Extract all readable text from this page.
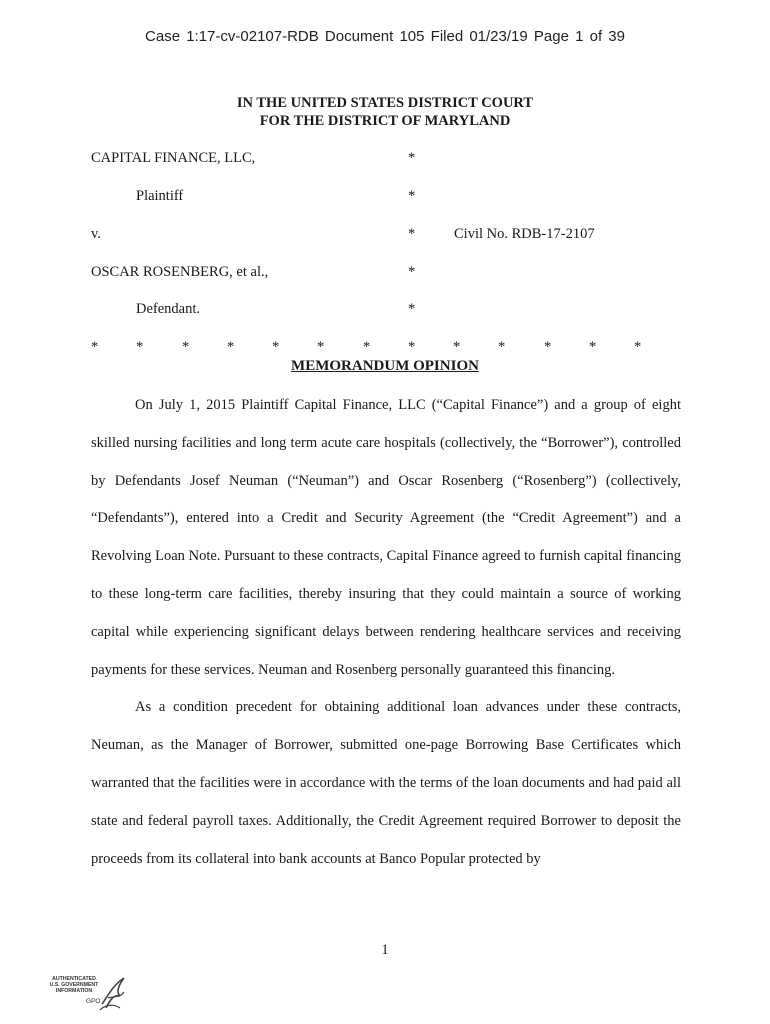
Case 1:17-cv-02107-RDB Document 105 Filed 01/23/19 Page 1 of 39
IN THE UNITED STATES DISTRICT COURT
FOR THE DISTRICT OF MARYLAND
CAPITAL FINANCE, LLC,	*
Plaintiff	*
v.	*	Civil No. RDB-17-2107
OSCAR ROSENBERG, et al.,	*
Defendant.	*
*	*	*	*	*	*	*	*	*	*	*	*	*
MEMORANDUM OPINION

On July 1, 2015 Plaintiff Capital Finance, LLC (“Capital Finance”) and a group of eight skilled nursing facilities and long term acute care hospitals (collectively, the “Borrower”), controlled by Defendants Josef Neuman (“Neuman”) and Oscar Rosenberg (“Rosenberg”) (collectively, “Defendants”), entered into a Credit and Security Agreement (the “Credit Agreement”) and a Revolving Loan Note. Pursuant to these contracts, Capital Finance agreed to furnish capital financing to these long-term care facilities, thereby insuring that they could maintain a source of working capital while experiencing significant delays between rendering healthcare services and receiving payments for these services. Neuman and Rosenberg personally guaranteed this financing.

As a condition precedent for obtaining additional loan advances under these contracts, Neuman, as the Manager of Borrower, submitted one-page Borrowing Base Certificates which warranted that the facilities were in accordance with the terms of the loan documents and had paid all state and federal payroll taxes. Additionally, the Credit Agreement required Borrower to deposit the proceeds from its collateral into bank accounts at Banco Popular protected by

1
AUTHENTICATED
U.S. GOVERNMENT
INFORMATION
GPO
